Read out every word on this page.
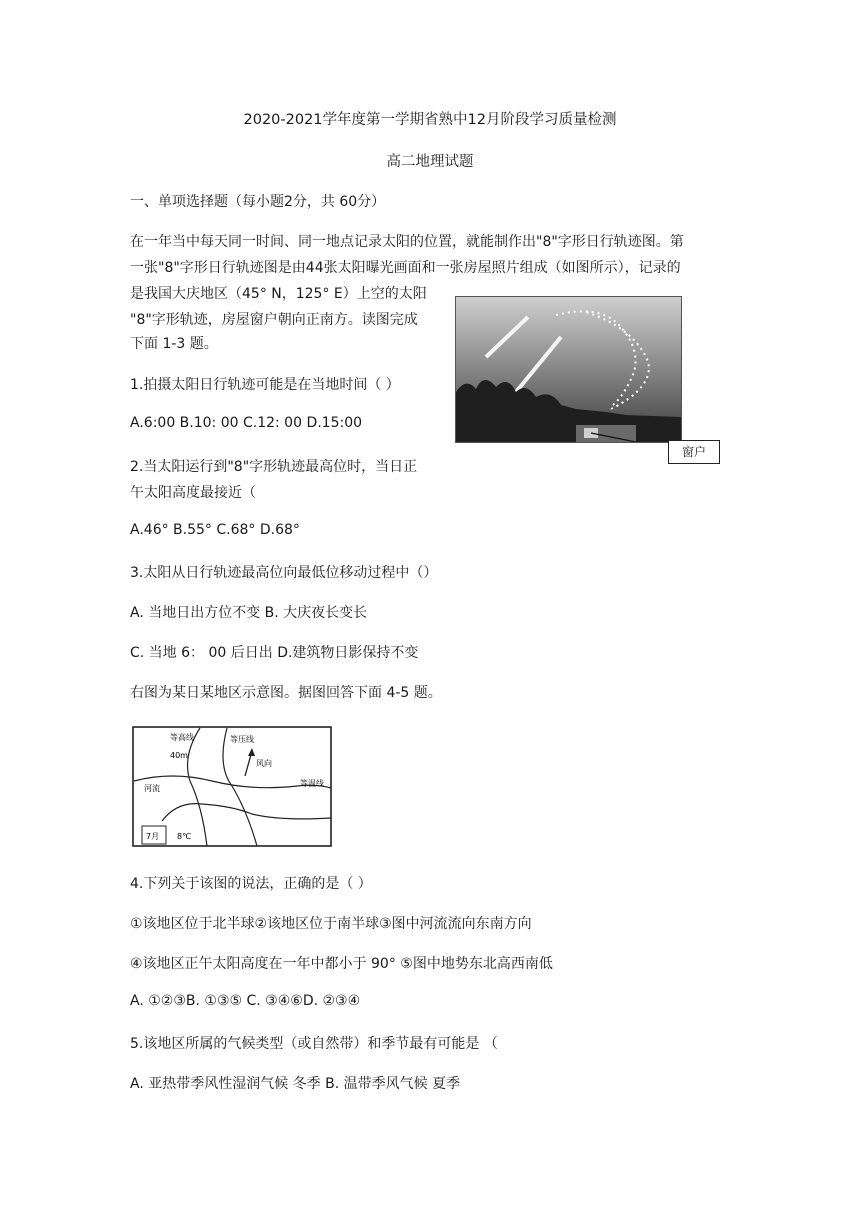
2020-2021学年度第一学期省熟中12月阶段学习质量检测
高二地理试题
一、单项选择题（每小题2分，共 60分）
在一年当中每天同一时间、同一地点记录太阳的位置，就能制作出"8"字形日行轨迹图。第
一张"8"字形日行轨迹图是由44张太阳曝光画面和一张房屋照片组成（如图所示），记录的
是我国大庆地区（45° N，125° E）上空的太阳
"8"字形轨迹，房屋窗户朝向正南方。读图完成
下面 1-3 题。
窗户
1.拍摄太阳日行轨迹可能是在当地时间（ ）
A.6:00 B.10: 00 C.12: 00 D.15:00
2.当太阳运行到"8"字形轨迹最高位时，当日正
午太阳高度最接近（
A.46° B.55° C.68° D.68°
3.太阳从日行轨迹最高位向最低位移动过程中（）
A. 当地日出方位不变 B. 大庆夜长变长
C. 当地 6： 00 后日出 D.建筑物日影保持不变
右图为某日某地区示意图。据图回答下面 4-5 题。
等高线
40m
等压线
风向
等温线
河流
7月 8℃
4.下列关于该图的说法，正确的是（ ）
①该地区位于北半球②该地区位于南半球③图中河流流向东南方向
④该地区正午太阳高度在一年中都小于 90° ⑤图中地势东北高西南低
A. ①②③B. ①③⑤ C. ③④⑥D. ②③④
5.该地区所属的气候类型（或自然带）和季节最有可能是 （
A. 亚热带季风性湿润气候 冬季 B. 温带季风气候 夏季
